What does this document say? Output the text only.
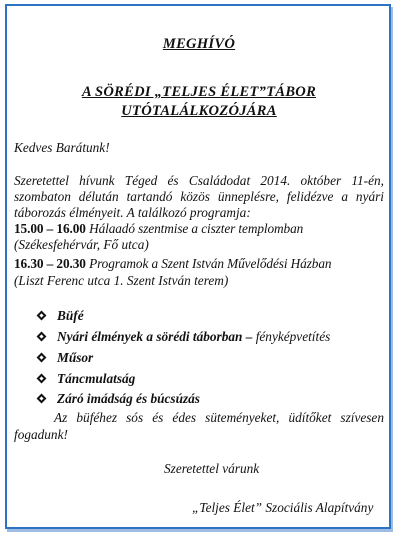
MEGHÍVÓ

A SÖRÉDI „TELJES ÉLET”TÁBOR

UTÓTALÁLKOZÓJÁRA

Kedves Barátunk!

Szeretettel hívunk Téged és Családodat 2014. október 11-én,

szombaton délután tartandó közös ünneplésre, felidézve a nyári

táborozás élményeit. A találkozó programja:

15.00 – 16.00 Hálaadó szentmise a ciszter templomban

(Székesfehérvár, Fő utca)

16.30 – 20.30 Programok a Szent István Művelődési Házban

(Liszt Ferenc utca 1. Szent István terem)

Büfé

Nyári élmények a sörédi táborban – fényképvetítés

Műsor

Táncmulatság

Záró imádság és búcsúzás

Az büféhez sós és édes süteményeket, üdítőket szívesen

fogadunk!

Szeretettel várunk

„Teljes Élet” Szociális Alapítvány
